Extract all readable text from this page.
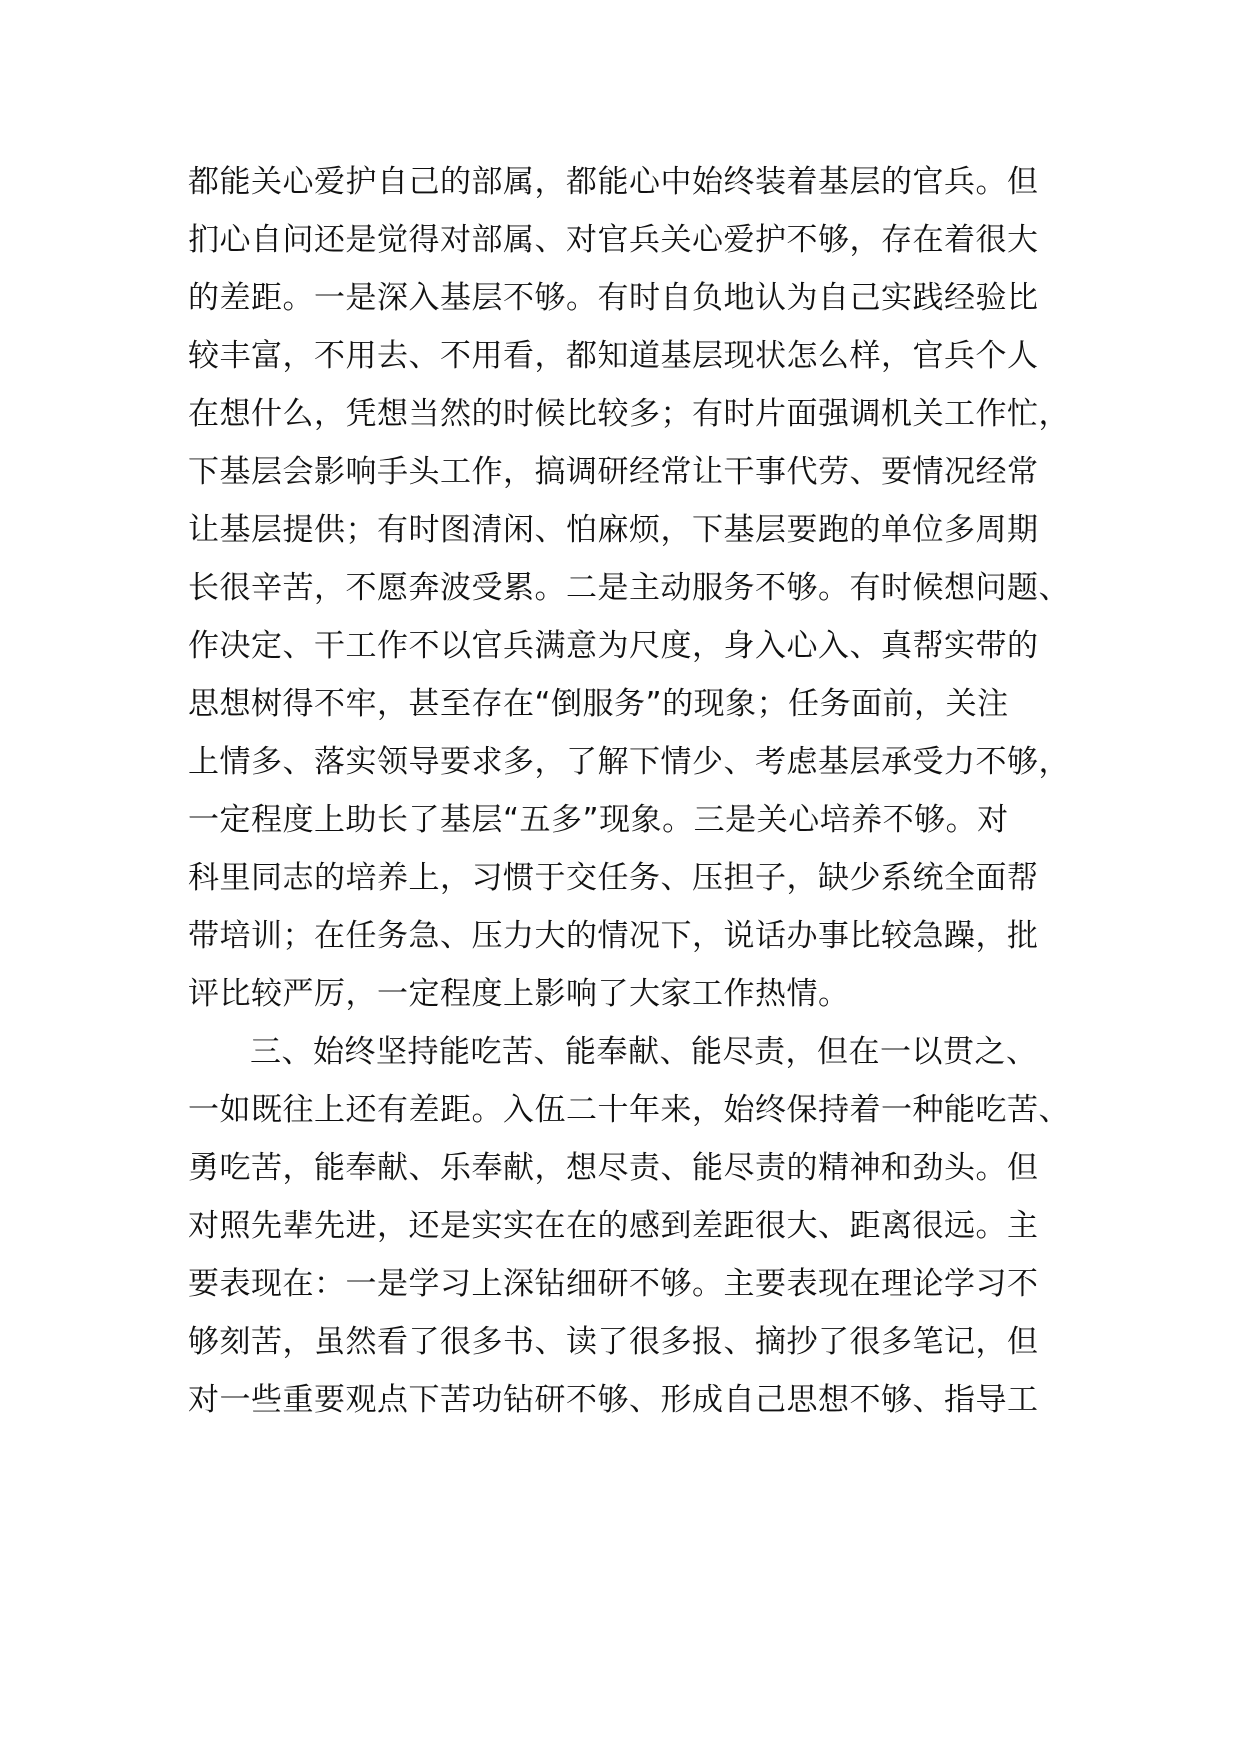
都能关心爱护自己的部属，都能心中始终装着基层的官兵。但
扪心自问还是觉得对部属、对官兵关心爱护不够，存在着很大
的差距。一是深入基层不够。有时自负地认为自己实践经验比
较丰富，不用去、不用看，都知道基层现状怎么样，官兵个人
在想什么，凭想当然的时候比较多；有时片面强调机关工作忙，
下基层会影响手头工作，搞调研经常让干事代劳、要情况经常
让基层提供；有时图清闲、怕麻烦，下基层要跑的单位多周期
长很辛苦，不愿奔波受累。二是主动服务不够。有时候想问题、
作决定、干工作不以官兵满意为尺度，身入心入、真帮实带的
思想树得不牢，甚至存在“倒服务”的现象；任务面前，关注
上情多、落实领导要求多，了解下情少、考虑基层承受力不够，
一定程度上助长了基层“五多”现象。三是关心培养不够。对
科里同志的培养上，习惯于交任务、压担子，缺少系统全面帮
带培训；在任务急、压力大的情况下，说话办事比较急躁，批
评比较严厉，一定程度上影响了大家工作热情。
三、始终坚持能吃苦、能奉献、能尽责，但在一以贯之、
一如既往上还有差距。入伍二十年来，始终保持着一种能吃苦、
勇吃苦，能奉献、乐奉献，想尽责、能尽责的精神和劲头。但
对照先辈先进，还是实实在在的感到差距很大、距离很远。主
要表现在：一是学习上深钻细研不够。主要表现在理论学习不
够刻苦，虽然看了很多书、读了很多报、摘抄了很多笔记，但
对一些重要观点下苦功钻研不够、形成自己思想不够、指导工
